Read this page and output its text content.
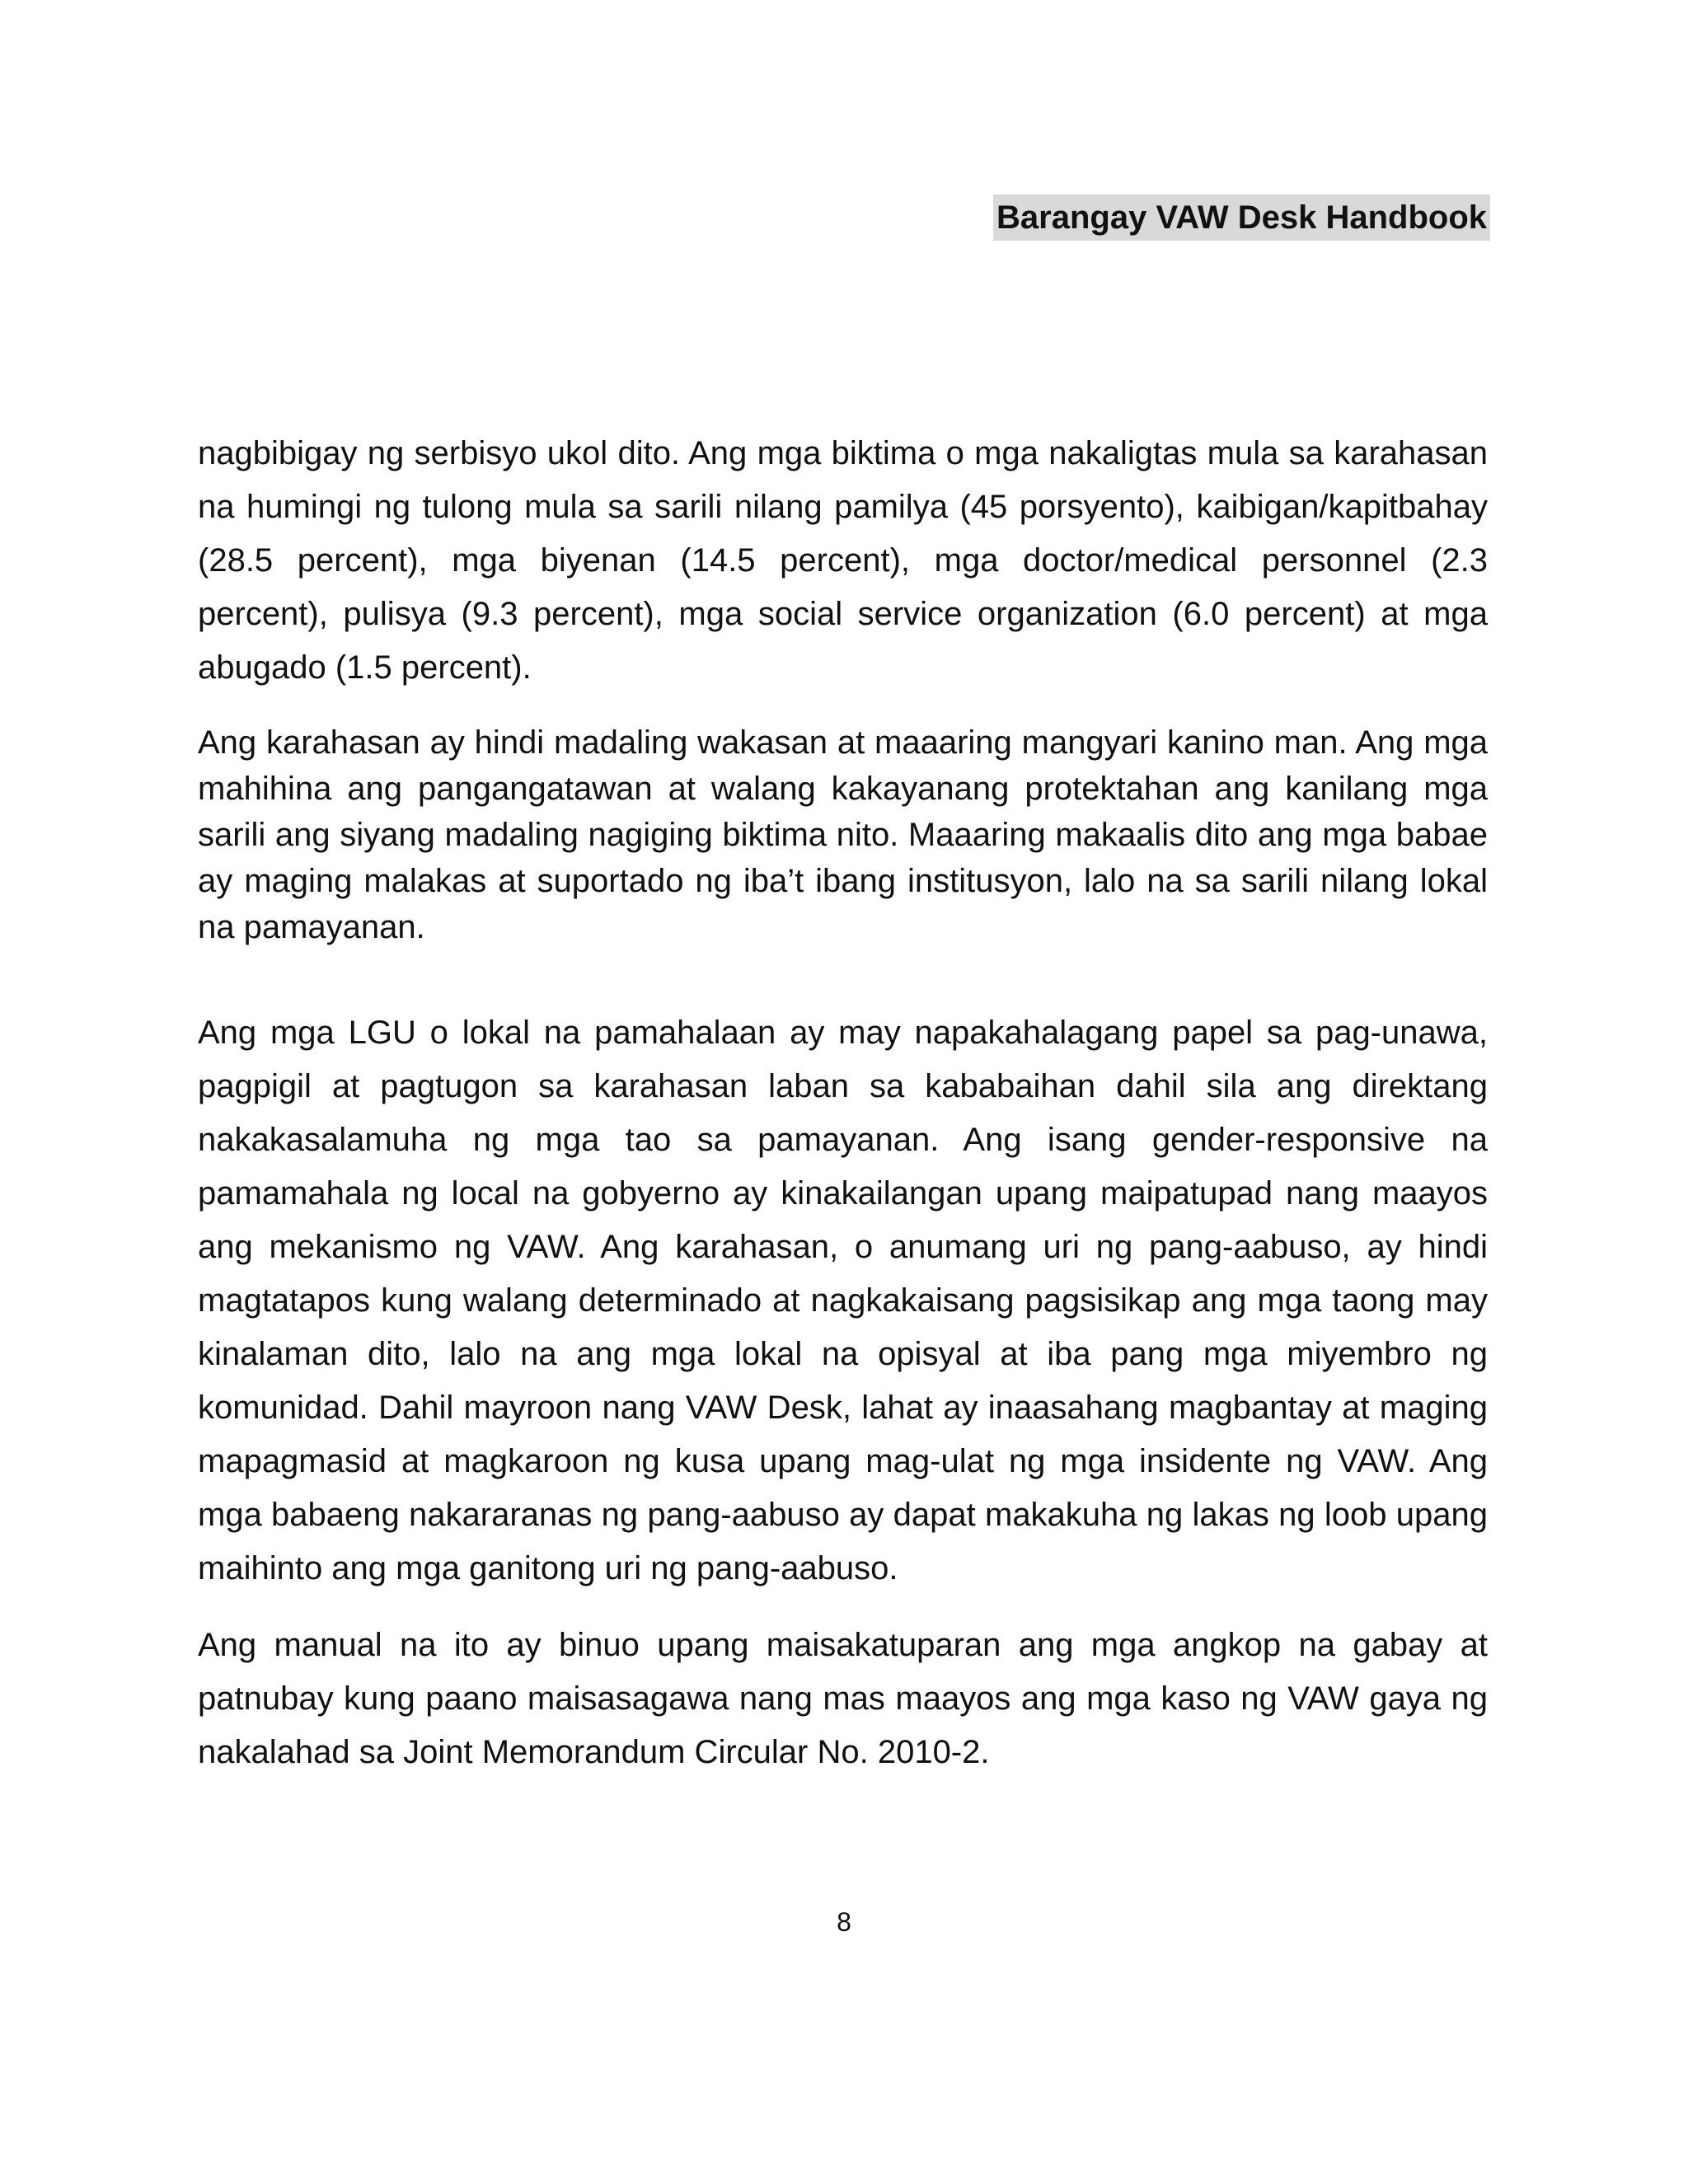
Barangay VAW Desk Handbook

nagbibigay ng serbisyo ukol dito. Ang mga biktima o mga nakaligtas mula sa karahasan na humingi ng tulong mula sa sarili nilang pamilya (45 porsyento), kaibigan/kapitbahay (28.5 percent), mga biyenan (14.5 percent), mga doctor/medical personnel (2.3 percent), pulisya (9.3 percent), mga social service organization (6.0 percent) at mga abugado (1.5 percent).

Ang karahasan ay hindi madaling wakasan at maaaring mangyari kanino man. Ang mga mahihina ang pangangatawan at walang kakayanang protektahan ang kanilang mga sarili ang siyang madaling nagiging biktima nito. Maaaring makaalis dito ang mga babae ay maging malakas at suportado ng iba’t ibang institusyon, lalo na sa sarili nilang lokal na pamayanan.

Ang mga LGU o lokal na pamahalaan ay may napakahalagang papel sa pag-unawa, pagpigil at pagtugon sa karahasan laban sa kababaihan dahil sila ang direktang nakakasalamuha ng mga tao sa pamayanan. Ang isang gender-responsive na pamamahala ng local na gobyerno ay kinakailangan upang maipatupad nang maayos ang mekanismo ng VAW. Ang karahasan, o anumang uri ng pang-aabuso, ay hindi magtatapos kung walang determinado at nagkakaisang pagsisikap ang mga taong may kinalaman dito, lalo na ang mga lokal na opisyal at iba pang mga miyembro ng komunidad. Dahil mayroon nang VAW Desk, lahat ay inaasahang magbantay at maging mapagmasid at magkaroon ng kusa upang mag-ulat ng mga insidente ng VAW. Ang mga babaeng nakararanas ng pang-aabuso ay dapat makakuha ng lakas ng loob upang maihinto ang mga ganitong uri ng pang-aabuso.

Ang manual na ito ay binuo upang maisakatuparan ang mga angkop na gabay at patnubay kung paano maisasagawa nang mas maayos ang mga kaso ng VAW gaya ng nakalahad sa Joint Memorandum Circular No. 2010-2.

8
